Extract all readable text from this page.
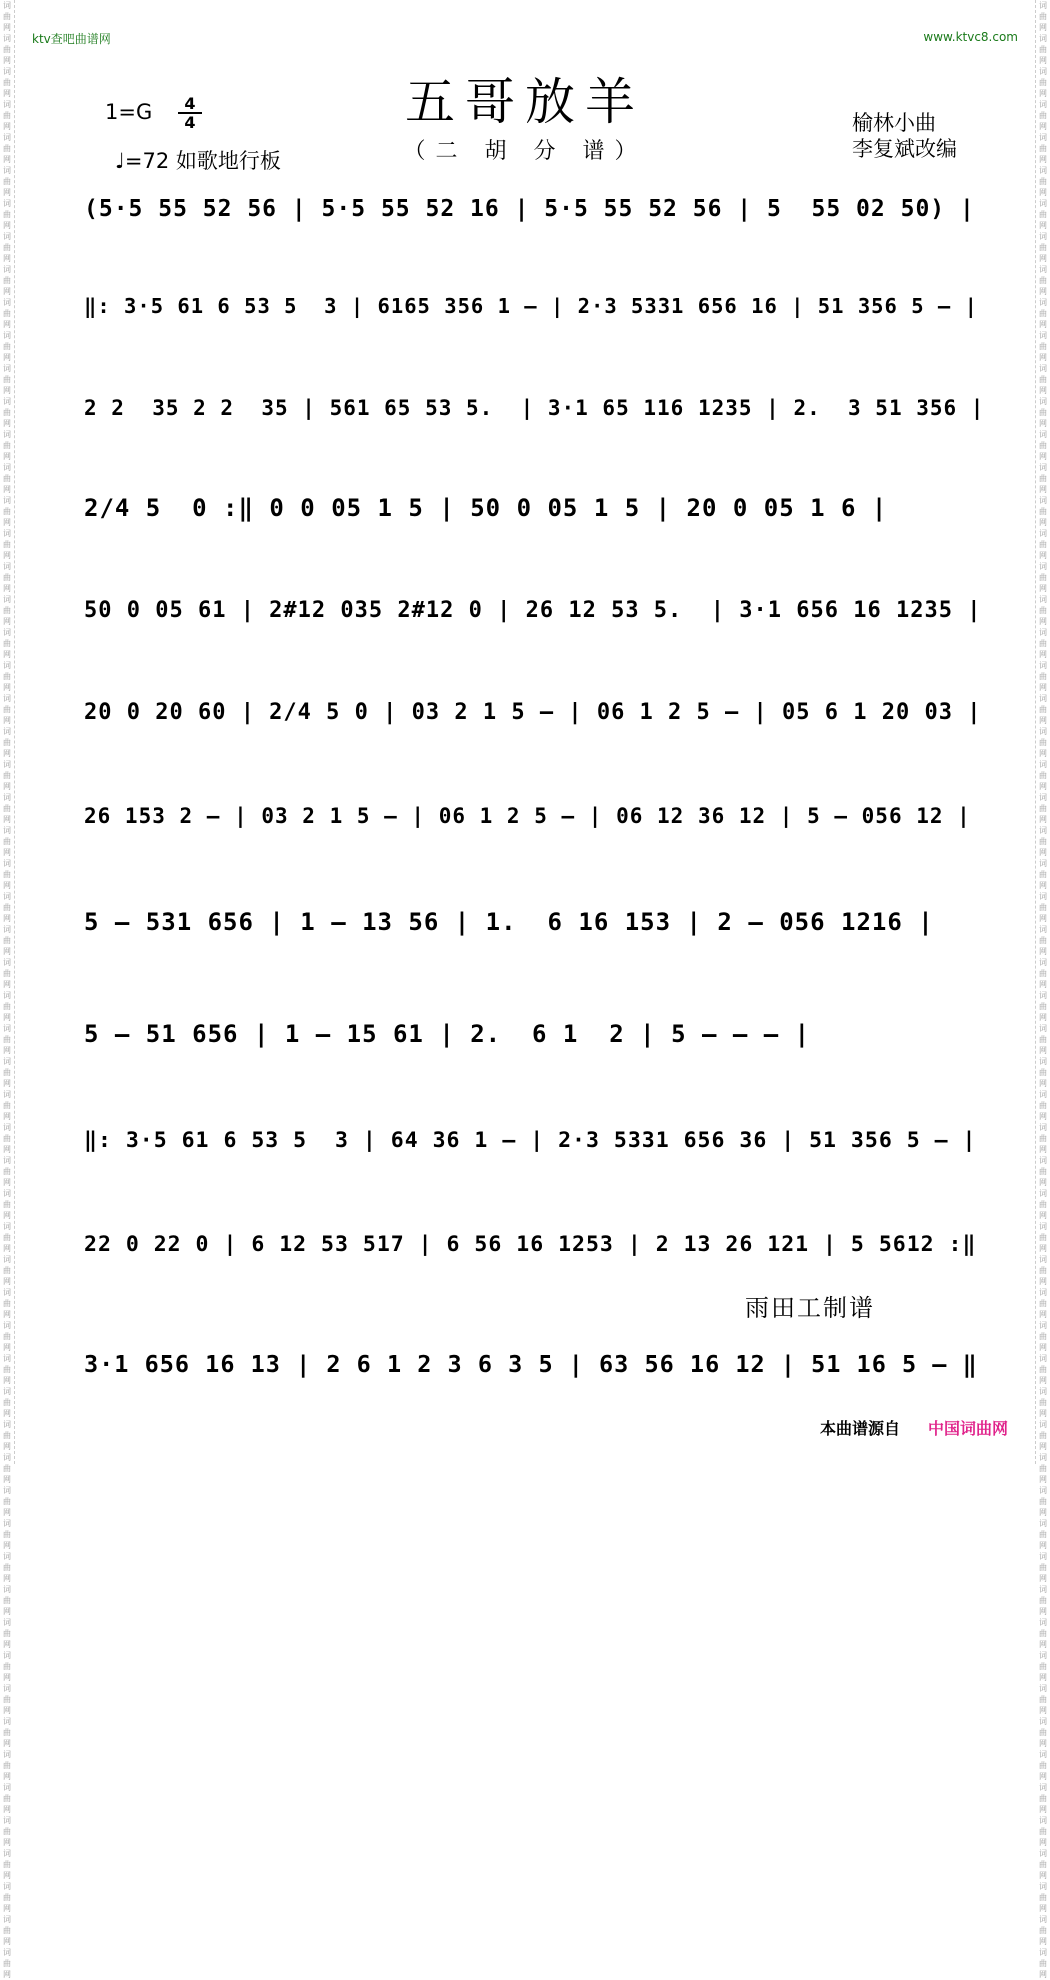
词曲网 词曲网 词曲网 词曲网 词曲网 词曲网 词曲网 词曲网 词曲网 词曲网 词曲网 词曲网 词曲网 词曲网 词曲网 词曲网 词曲网 词曲网 词曲网 词曲网 词曲网 词曲网 词曲网 词曲网 词曲网 词曲网 词曲网 词曲网 词曲网 词曲网 词曲网 词曲网 词曲网 词曲网 词曲网 词曲网 词曲网 词曲网 词曲网 词曲网 词曲网 词曲网 词曲网 词曲网 词曲网 词曲网 词曲网 词曲网 词曲网 词曲网 词曲网 词曲网 词曲网 词曲网 词曲网 词曲网 词曲网 词曲网 词曲网 词曲网
词曲网 词曲网 词曲网 词曲网 词曲网 词曲网 词曲网 词曲网 词曲网 词曲网 词曲网 词曲网 词曲网 词曲网 词曲网 词曲网 词曲网 词曲网 词曲网 词曲网 词曲网 词曲网 词曲网 词曲网 词曲网 词曲网 词曲网 词曲网 词曲网 词曲网 词曲网 词曲网 词曲网 词曲网 词曲网 词曲网 词曲网 词曲网 词曲网 词曲网 词曲网 词曲网 词曲网 词曲网 词曲网 词曲网 词曲网 词曲网 词曲网 词曲网 词曲网 词曲网 词曲网 词曲网 词曲网 词曲网 词曲网 词曲网 词曲网 词曲网
ktv查吧曲谱网	www.ktvc8.com
五哥放羊
（二 胡 分 谱）
1=G	4
4
♩=72 如歌地行板
榆林小曲
李复斌改编
(5·5 55 52 56 | 5·5 55 52 16 | 5·5 55 52 56 | 5  55 02 50) |
‖: 3·5 61 6 53 5  3 | 6165 356 1 – | 2·3 5331 656 16 | 51 356 5 – |
2 2  35 2 2  35 | 561 65 53 5.  | 3·1 65 116 1235 | 2.  3 51 356 |
2/4 5  0 :‖ 0 0 05 1 5 | 50 0 05 1 5 | 20 0 05 1 6 |
50 0 05 61 | 2#12 035 2#12 0 | 26 12 53 5.  | 3·1 656 16 1235 |
20 0 20 60 | 2/4 5 0 | 03 2 1 5 – | 06 1 2 5 – | 05 6 1 20 03 |
26 153 2 – | 03 2 1 5 – | 06 1 2 5 – | 06 12 36 12 | 5 – 056 12 |
5 – 531 656 | 1 – 13 56 | 1.  6 16 153 | 2 – 056 1216 |
5 – 51 656 | 1 – 15 61 | 2.  6 1  2 | 5 – – – |
‖: 3·5 61 6 53 5  3 | 64 36 1 – | 2·3 5331 656 36 | 51 356 5 – |
22 0 22 0 | 6 12 53 517 | 6 56 16 1253 | 2 13 26 121 | 5 5612 :‖
3·1 656 16 13 | 2 6 1 2 3 6 3 5 | 63 56 16 12 | 51 16 5 – ‖
雨田工制谱
本曲谱源自 中国词曲网
